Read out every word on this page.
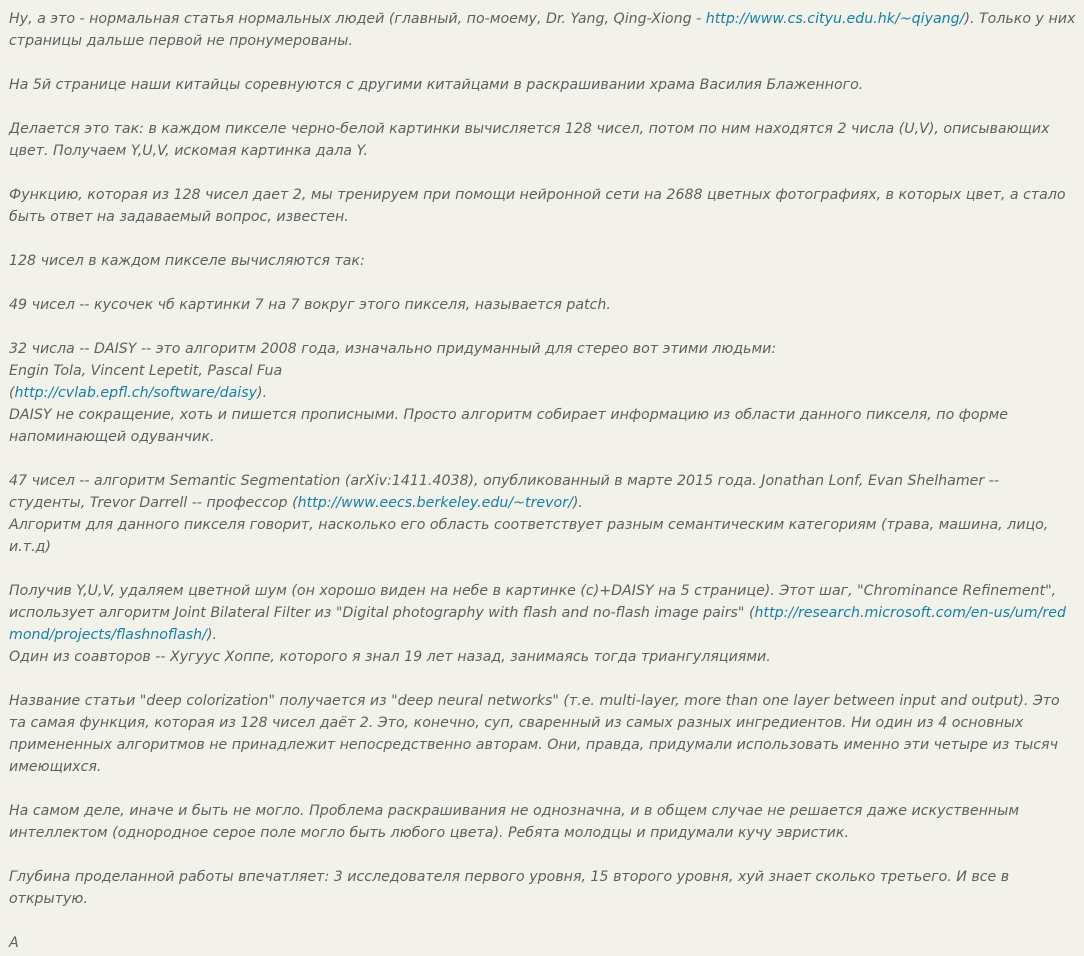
Ну, а это - нормальная статья нормальных людей (главный, по-моему, Dr. Yang, Qing-Xiong - http://www.cs.cityu.edu.hk/~qiyang/). Только у них страницы дальше первой не пронумерованы.

На 5й странице наши китайцы соревнуются с другими китайцами в раскрашивании храма Василия Блаженного.

Делается это так: в каждом пикселе черно-белой картинки вычисляется 128 чисел, потом по ним находятся 2 числа (U,V), описывающих цвет. Получаем Y,U,V, искомая картинка дала Y.

Функцию, которая из 128 чисел дает 2, мы тренируем при помощи нейронной сети на 2688 цветных фотографиях, в которых цвет, а стало быть ответ на задаваемый вопрос, известен.

128 чисел в каждом пикселе вычисляются так:

49 чисел -- кусочек чб картинки 7 на 7 вокруг этого пикселя, называется patch.

32 числа -- DAISY -- это алгоритм 2008 года, изначально придуманный для стерео вот этими людьми:
Engin Tola, Vincent Lepetit, Pascal Fua
(http://cvlab.epfl.ch/software/daisy).
DAISY не сокращение, хоть и пишется прописными. Просто алгоритм собирает информацию из области данного пикселя, по форме напоминающей одуванчик.

47 чисел -- алгоритм Semantic Segmentation (arXiv:1411.4038), опубликованный в марте 2015 года. Jonathan Lonf, Evan Shelhamer -- студенты, Trevor Darrell -- профессор (http://www.eecs.berkeley.edu/~trevor/).
Алгоритм для данного пикселя говорит, насколько его область соответствует разным семантическим категориям (трава, машина, лицо, и.т.д)

Получив Y,U,V, удаляем цветной шум (он хорошо виден на небе в картинке (c)+DAISY на 5 странице). Этот шаг, "Chrominance Refinement", использует алгоритм Joint Bilateral Filter из "Digital photography with flash and no-flash image pairs" (http://research.microsoft.com/en-us/um/redmond/projects/flashnoflash/).
Один из соавторов -- Хугуус Хоппе, которого я знал 19 лет назад, занимаясь тогда триангуляциями.

Название статьи "deep colorization" получается из "deep neural networks" (т.е. multi-layer, more than one layer between input and output). Это та самая функция, которая из 128 чисел даёт 2. Это, конечно, суп, сваренный из самых разных ингредиентов. Ни один из 4 основных примененных алгоритмов не принадлежит непосредственно авторам. Они, правда, придумали использовать именно эти четыре из тысяч имеющихся.

На самом деле, иначе и быть не могло. Проблема раскрашивания не однозначна, и в общем случае не решается даже искуственным интеллектом (однородное серое поле могло быть любого цвета). Ребята молодцы и придумали кучу эвристик.

Глубина проделанной работы впечатляет: 3 исследователя первого уровня, 15 второго уровня, хуй знает сколько третьего. И все в открытую.

А
